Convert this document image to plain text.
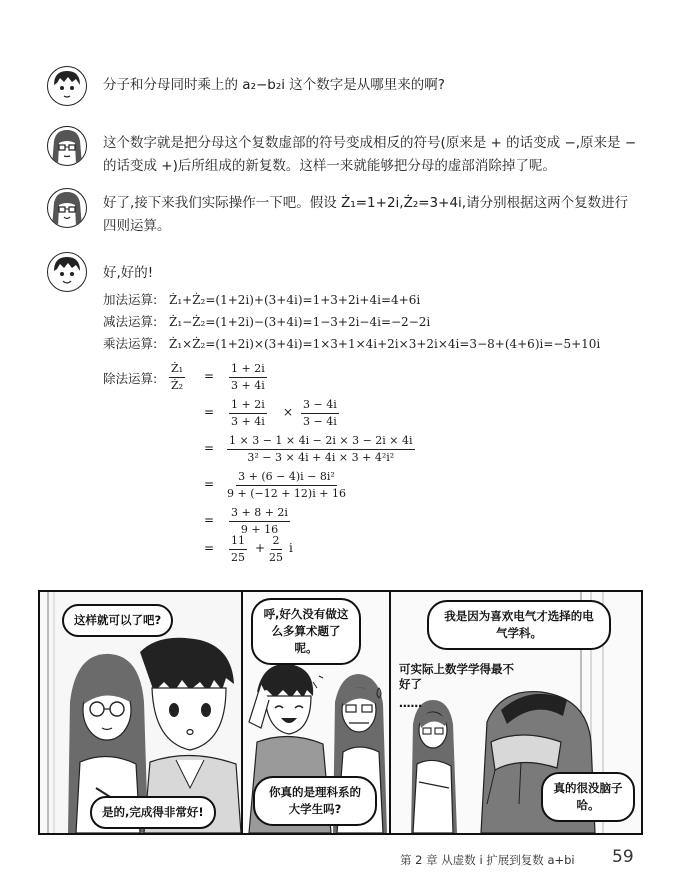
分子和分母同时乘上的 a₂−b₂i 这个数字是从哪里来的啊?
这个数字就是把分母这个复数虚部的符号变成相反的符号(原来是 + 的话变成 −,原来是 − 的话变成 +)后所组成的新复数。这样一来就能够把分母的虚部消除掉了呢。
好了,接下来我们实际操作一下吧。假设 Ż₁=1+2i,Ż₂=3+4i,请分别根据这两个复数进行四则运算。
好,好的!
加法运算: Ż₁+Ż₂=(1+2i)+(3+4i)=1+3+2i+4i=4+6i
减法运算: Ż₁−Ż₂=(1+2i)−(3+4i)=1−3+2i−4i=−2−2i
乘法运算: Ż₁×Ż₂=(1+2i)×(3+4i)=1×3+1×4i+2i×3+2i×4i=3−8+(4+6)i=−5+10i
除法运算: $\frac{\text{Ż₁}}{\text{Ż₂}} = \frac{1 + 2i}{3 + 4i}$
= $\frac{1 + 2i}{3 + 4i} \times \frac{3 - 4i}{3 - 4i}$
= $\frac{1 \times 3 - 1 \times 4i - 2i \times 3 - 2i \times 4i}{\text{3² − 3 × 4i + 4i × 3 + 4²i²}}$
= $\frac{\text{3 + (6 − 4)i − 8i²}}{9 + (-12 + 12)i + 16}$
= $\frac{3 + 8 + 2i}{9 + 16}$
= $\frac{11}{25} + \frac{2}{25}$ i
这样就可以了吧?
是的,完成得非常好!
呼,好久没有做这么多算术题了呢。
你真的是理科系的大学生吗?
我是因为喜欢电气才选择的电气学科。
可实际上数学学得最不好了
……
真的很没脑子哈。
第 2 章 从虚数 i 扩展到复数 a+bi 59
